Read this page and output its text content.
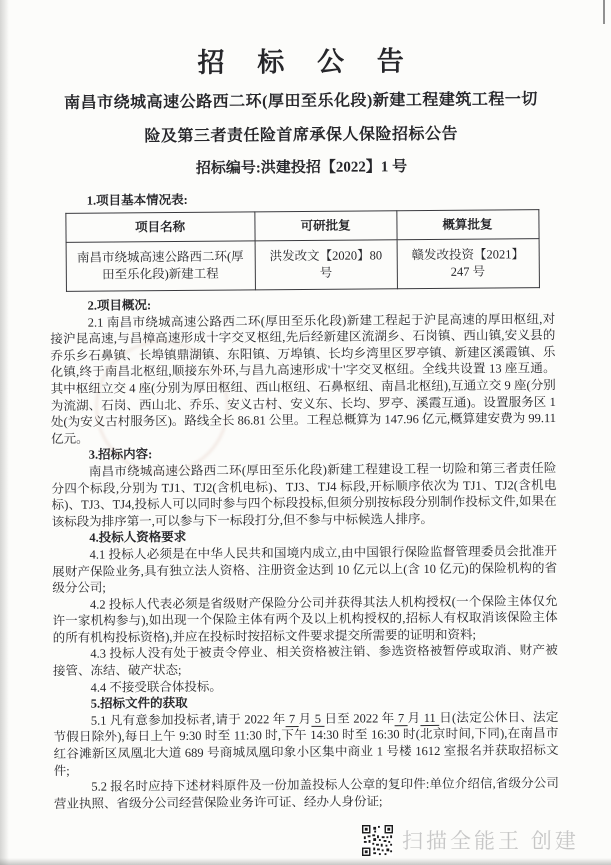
招 标 公 告
南昌市绕城高速公路西二环(厚田至乐化段)新建工程建筑工程一切
险及第三者责任险首席承保人保险招标公告
招标编号:洪建投招【2022】1 号
1.项目基本情况表:
项目名称	可研批复	概算批复
南昌市绕城高速公路西二环(厚田至乐化段)新建工程	洪发改文【2020】80 号	赣发改投资【2021】247 号

2.项目概况:

2.1 南昌市绕城高速公路西二环(厚田至乐化段)新建工程起于沪昆高速的厚田枢纽,对接沪昆高速,与昌樟高速形成十字交叉枢纽,先后经新建区流湖乡、石岗镇、西山镇,安义县的乔乐乡石鼻镇、长埠镇鼎湖镇、东阳镇、万埠镇、长均乡湾里区罗亭镇、新建区溪霞镇、乐化镇,终于南昌北枢纽,顺接东外环,与昌九高速形成'十'字交叉枢纽。全线共设置 13 座互通。其中枢纽立交 4 座(分别为厚田枢纽、西山枢纽、石鼻枢纽、南昌北枢纽),互通立交 9 座(分别为流湖、石岗、西山北、乔乐、安义古村、安义东、长均、罗亭、溪霞互通)。设置服务区 1 处(为安义古村服务区)。路线全长 86.81 公里。工程总概算为 147.96 亿元,概算建安费为 99.11 亿元。

3.招标内容:

南昌市绕城高速公路西二环(厚田至乐化段)新建工程建设工程一切险和第三者责任险分四个标段,分别为 TJ1、TJ2(含机电标)、TJ3、TJ4 标段,开标顺序依次为 TJ1、TJ2(含机电标)、TJ3、TJ4,投标人可以同时参与四个标段投标,但须分别按标段分别制作投标文件,如果在该标段为排序第一,可以参与下一标段打分,但不参与中标候选人排序。

4.投标人资格要求

4.1 投标人必须是在中华人民共和国境内成立,由中国银行保险监督管理委员会批准开展财产保险业务,具有独立法人资格、注册资金达到 10 亿元以上(含 10 亿元)的保险机构的省级分公司;

4.2 投标人代表必须是省级财产保险分公司并获得其法人机构授权(一个保险主体仅允许一家机构参与),如出现一个保险主体有两个及以上机构授权的,招标人有权取消该保险主体的所有机构投标资格),并应在投标时按招标文件要求提交所需要的证明和资料;

4.3 投标人没有处于被责令停业、相关资格被注销、参选资格被暂停或取消、财产被接管、冻结、破产状态;

4.4 不接受联合体投标。

5.招标文件的获取

5.1 凡有意参加投标者,请于 2022 年 7 月 5 日至 2022 年 7 月 11 日(法定公休日、法定节假日除外),每日上午 9:30 时至 11:30 时,下午 14:30 时至 16:30 时(北京时间,下同),在南昌市红谷滩新区凤凰北大道 689 号商城凤凰印象小区集中商业 1 号楼 1612 室报名并获取招标文件;

5.2 报名时应持下述材料原件及一份加盖投标人公章的复印件:单位介绍信,省级分公司营业执照、省级分公司经营保险业务许可证、经办人身份证;

扫描全能王 创建
